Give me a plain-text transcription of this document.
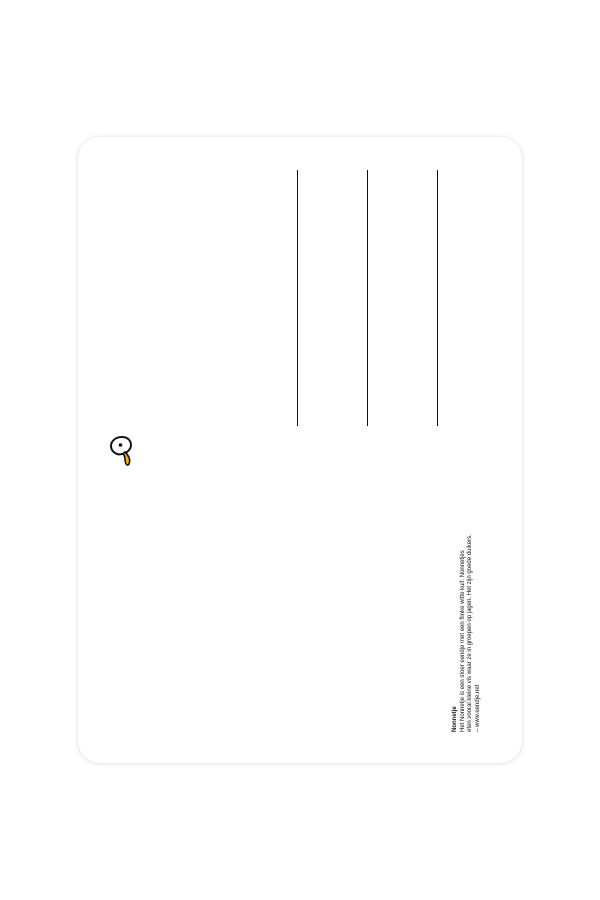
Nonnetje Het Nonnetje is een stoer eendje met een flinke witte kuif. Nonnetjes eten vooral kleine vis waar ze in groepen op jagen. Het zijn goede duikers. – www.eendje.net
